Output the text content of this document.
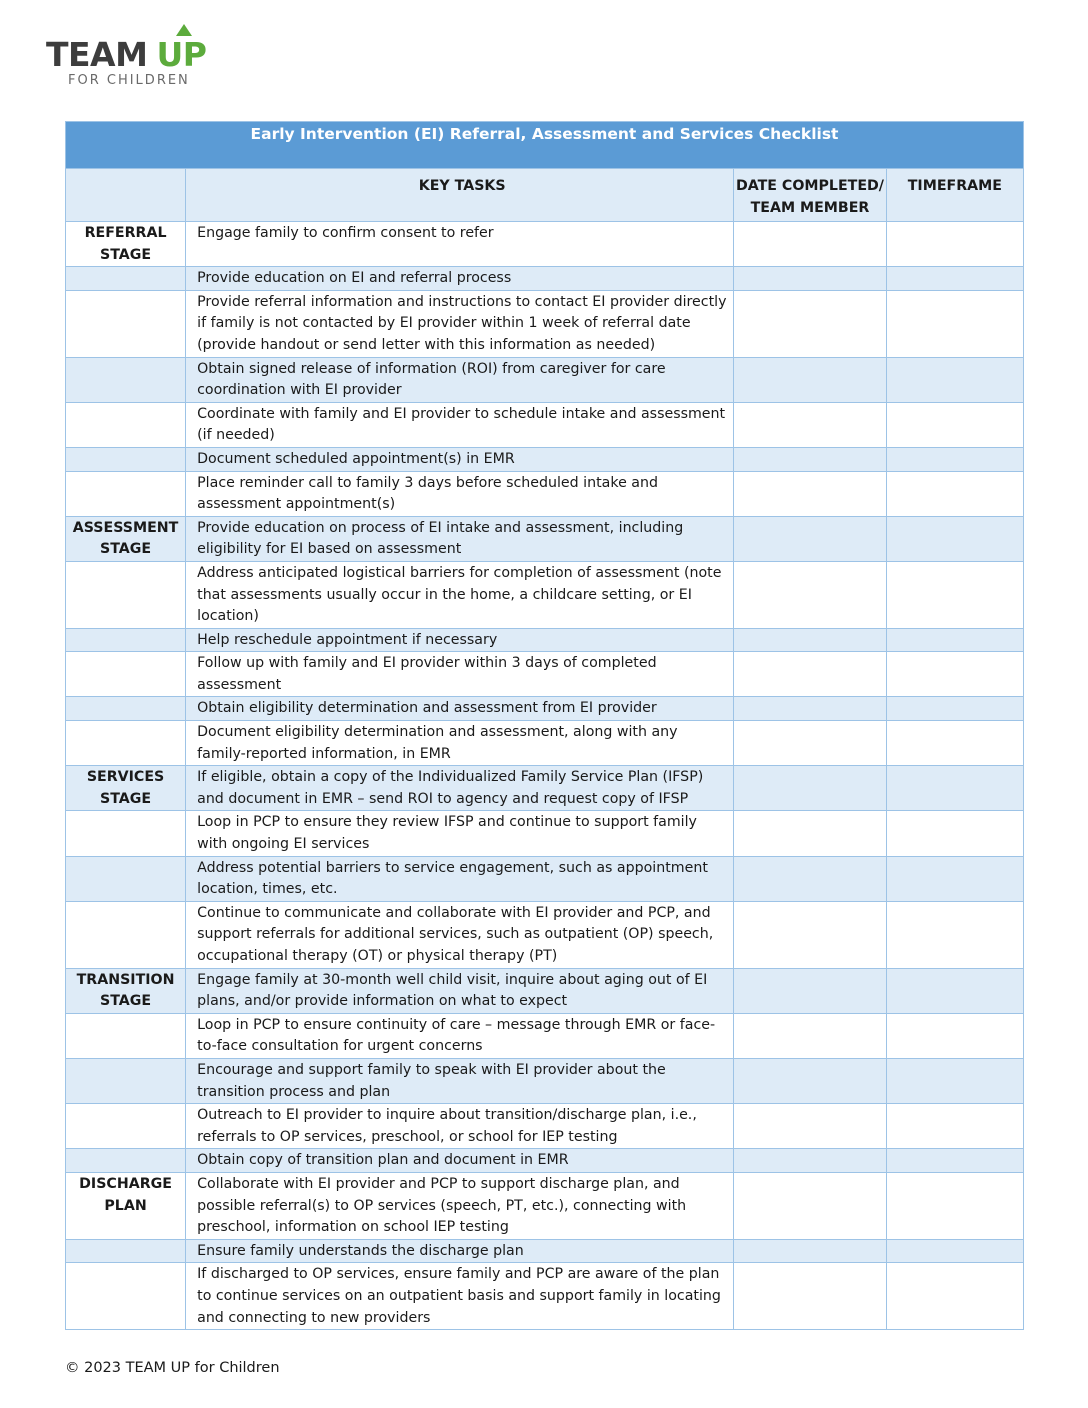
TEAM UP
FOR CHILDREN
Early Intervention (EI) Referral, Assessment and Services Checklist			
	KEY TASKS	DATE COMPLETED/ TEAM MEMBER	TIMEFRAME
REFERRAL STAGE	Engage family to confirm consent to refer		
	Provide education on EI and referral process		
	Provide referral information and instructions to contact EI provider directly if family is not contacted by EI provider within 1 week of referral date
(provide handout or send letter with this information as needed)		
	Obtain signed release of information (ROI) from caregiver for care coordination with EI provider		
	Coordinate with family and EI provider to schedule intake and assessment (if needed)		
	Document scheduled appointment(s) in EMR		
	Place reminder call to family 3 days before scheduled intake and assessment appointment(s)		
ASSESSMENT STAGE	Provide education on process of EI intake and assessment, including eligibility for EI based on assessment		
	Address anticipated logistical barriers for completion of assessment (note that assessments usually occur in the home, a childcare setting, or EI location)		
	Help reschedule appointment if necessary		
	Follow up with family and EI provider within 3 days of completed assessment		
	Obtain eligibility determination and assessment from EI provider		
	Document eligibility determination and assessment, along with any family-reported information, in EMR		
SERVICES STAGE	If eligible, obtain a copy of the Individualized Family Service Plan (IFSP) and document in EMR – send ROI to agency and request copy of IFSP		
	Loop in PCP to ensure they review IFSP and continue to support family with ongoing EI services		
	Address potential barriers to service engagement, such as appointment location, times, etc.		
	Continue to communicate and collaborate with EI provider and PCP, and support referrals for additional services, such as outpatient (OP) speech, occupational therapy (OT) or physical therapy (PT)		
TRANSITION STAGE	Engage family at 30-month well child visit, inquire about aging out of EI plans, and/or provide information on what to expect		
	Loop in PCP to ensure continuity of care – message through EMR or face-to-face consultation for urgent concerns		
	Encourage and support family to speak with EI provider about the transition process and plan		
	Outreach to EI provider to inquire about transition/discharge plan, i.e., referrals to OP services, preschool, or school for IEP testing		
	Obtain copy of transition plan and document in EMR		
DISCHARGE PLAN	Collaborate with EI provider and PCP to support discharge plan, and possible referral(s) to OP services (speech, PT, etc.), connecting with preschool, information on school IEP testing		
	Ensure family understands the discharge plan		
	If discharged to OP services, ensure family and PCP are aware of the plan to continue services on an outpatient basis and support family in locating and connecting to new providers		
© 2023 TEAM UP for Children
